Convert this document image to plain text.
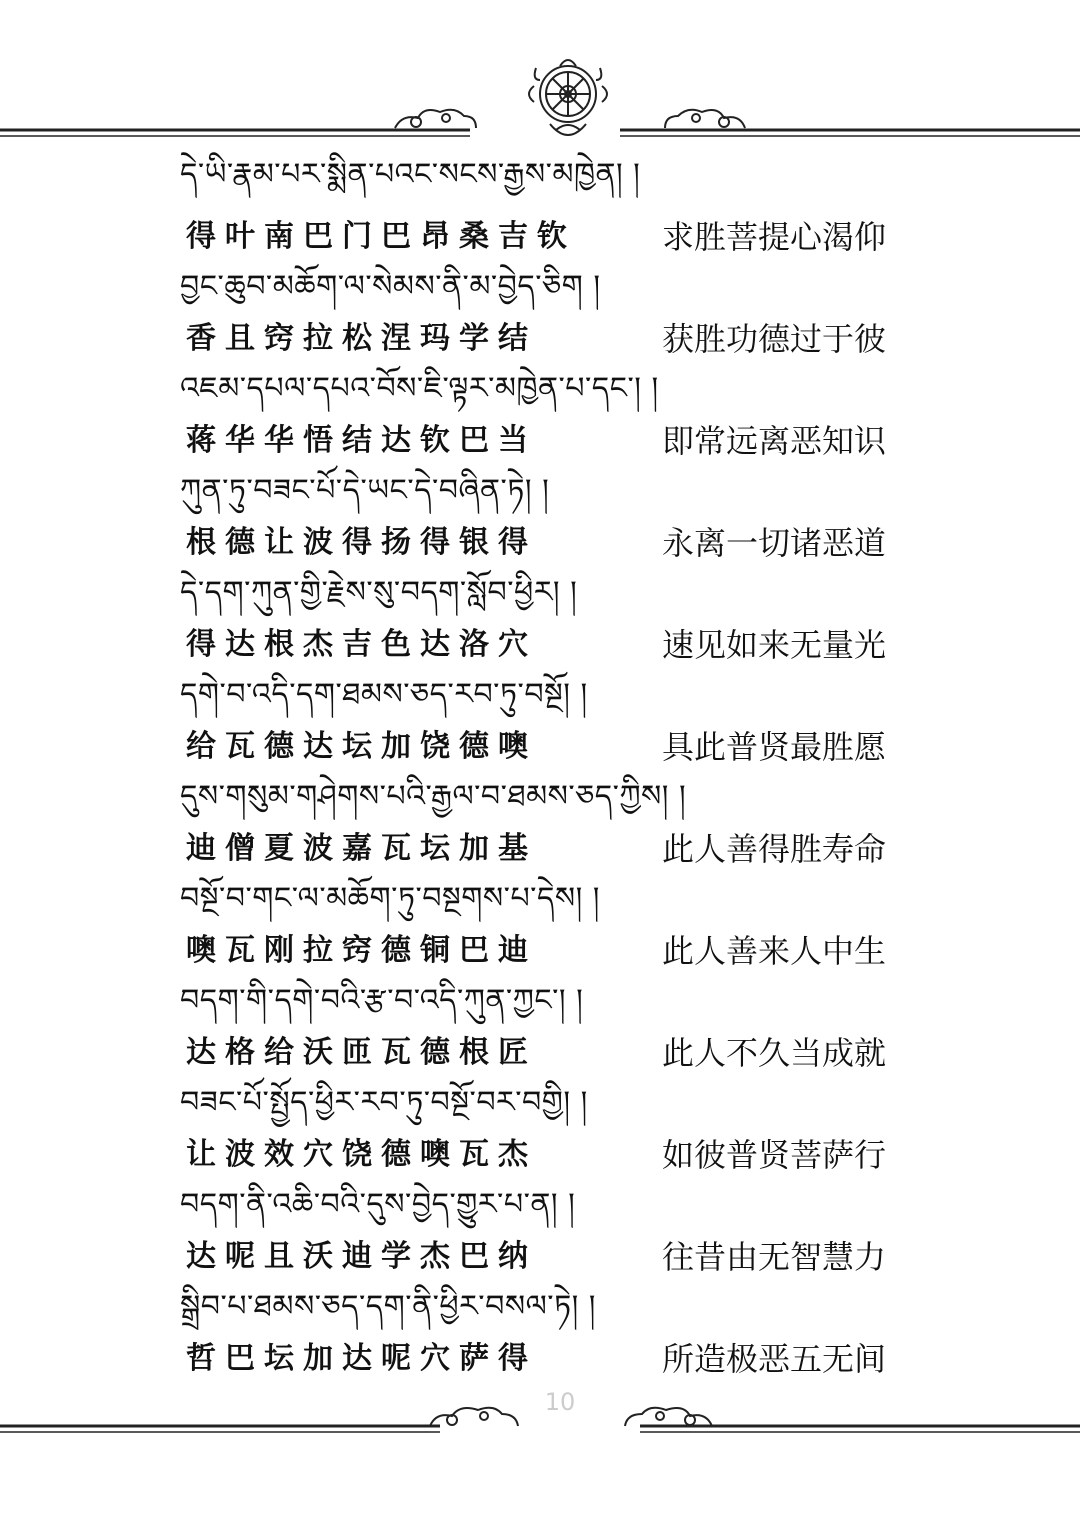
དེ་ཡི་རྣམ་པར་སྨིན་པའང་སངས་རྒྱས་མཁྱེན། །
得叶南巴门巴昂桑吉钦	求胜菩提心渴仰
བྱང་ཆུབ་མཆོག་ལ་སེམས་ནི་མ་བྱེད་ཅིག །
香且窍拉松涅玛学结	获胜功德过于彼
འཇམ་དཔལ་དཔའ་བོས་ཇི་ལྟར་མཁྱེན་པ་དང་། །
蒋华华悟结达钦巴当	即常远离恶知识
ཀུན་ཏུ་བཟང་པོ་དེ་ཡང་དེ་བཞིན་ཏེ། །
根德让波得扬得银得	永离一切诸恶道
དེ་དག་ཀུན་གྱི་རྗེས་སུ་བདག་སློབ་ཕྱིར། །
得达根杰吉色达洛穴	速见如来无量光
དགེ་བ་འདི་དག་ཐམས་ཅད་རབ་ཏུ་བསྔོ། །
给瓦德达坛加饶德噢	具此普贤最胜愿
དུས་གསུམ་གཤེགས་པའི་རྒྱལ་བ་ཐམས་ཅད་ཀྱིས། །
迪僧夏波嘉瓦坛加基	此人善得胜寿命
བསྔོ་བ་གང་ལ་མཆོག་ཏུ་བསྔགས་པ་དེས། །
噢瓦刚拉窍德铜巴迪	此人善来人中生
བདག་གི་དགེ་བའི་རྩ་བ་འདི་ཀུན་ཀྱང་། །
达格给沃匝瓦德根匠	此人不久当成就
བཟང་པོ་སྤྱོད་ཕྱིར་རབ་ཏུ་བསྔོ་བར་བགྱི། །
让波效穴饶德噢瓦杰	如彼普贤菩萨行
བདག་ནི་འཆི་བའི་དུས་བྱེད་གྱུར་པ་ན། །
达呢且沃迪学杰巴纳	往昔由无智慧力
སྒྲིབ་པ་ཐམས་ཅད་དག་ནི་ཕྱིར་བསལ་ཏེ། །
哲巴坛加达呢穴萨得	所造极恶五无间
10
